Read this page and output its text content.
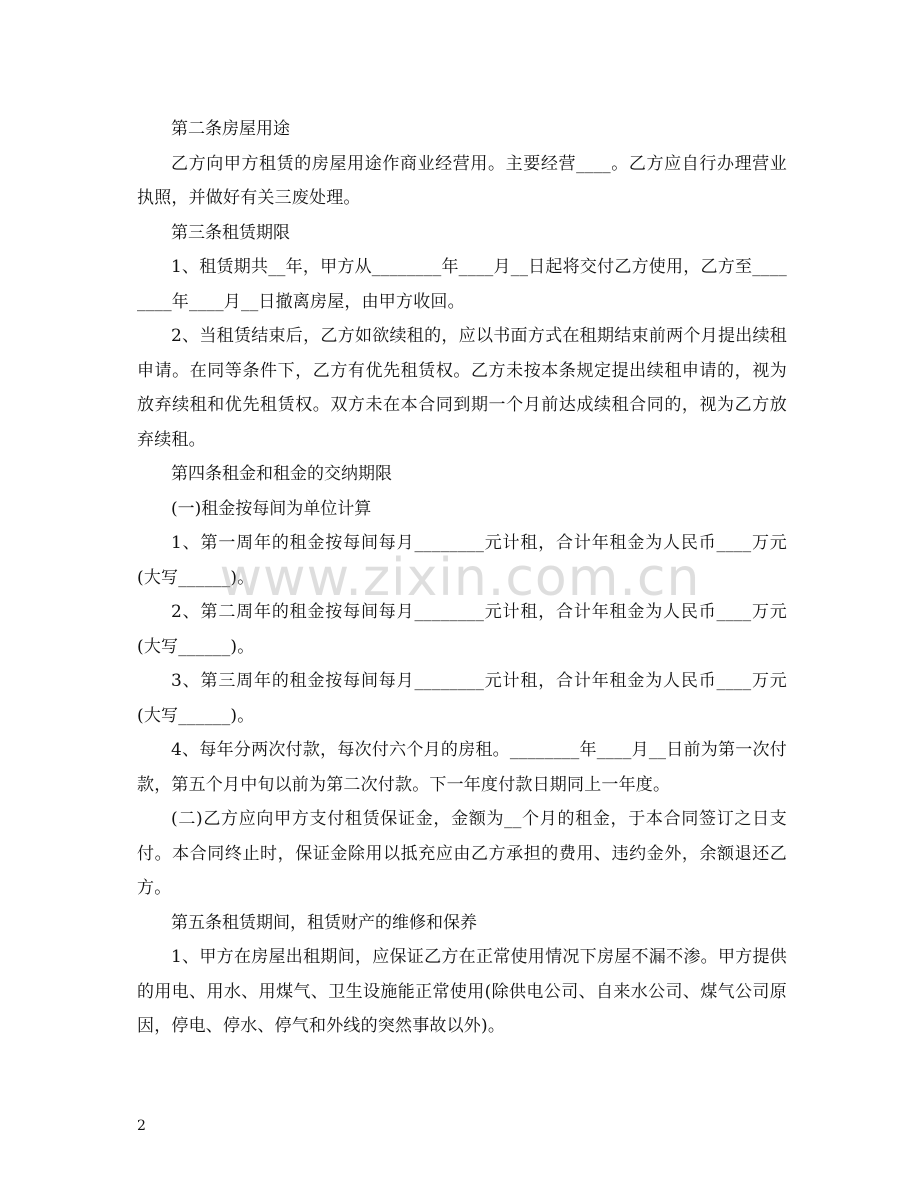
第二条房屋用途

乙方向甲方租赁的房屋用途作商业经营用。主要经营____。乙方应自行办理营业执照，并做好有关三废处理。

第三条租赁期限

1、租赁期共__年，甲方从________年____月__日起将交付乙方使用，乙方至________年____月__日撤离房屋，由甲方收回。

2、当租赁结束后，乙方如欲续租的，应以书面方式在租期结束前两个月提出续租申请。在同等条件下，乙方有优先租赁权。乙方未按本条规定提出续租申请的，视为放弃续租和优先租赁权。双方未在本合同到期一个月前达成续租合同的，视为乙方放弃续租。

第四条租金和租金的交纳期限

(一)租金按每间为单位计算

1、第一周年的租金按每间每月________元计租，合计年租金为人民币____万元(大写______)。

2、第二周年的租金按每间每月________元计租，合计年租金为人民币____万元(大写______)。

3、第三周年的租金按每间每月________元计租，合计年租金为人民币____万元(大写______)。

4、每年分两次付款，每次付六个月的房租。________年____月__日前为第一次付款，第五个月中旬以前为第二次付款。下一年度付款日期同上一年度。

(二)乙方应向甲方支付租赁保证金，金额为__个月的租金，于本合同签订之日支付。本合同终止时，保证金除用以抵充应由乙方承担的费用、违约金外，余额退还乙方。

第五条租赁期间，租赁财产的维修和保养

1、甲方在房屋出租期间，应保证乙方在正常使用情况下房屋不漏不渗。甲方提供的用电、用水、用煤气、卫生设施能正常使用(除供电公司、自来水公司、煤气公司原因，停电、停水、停气和外线的突然事故以外)。

www.zixin.com.cn
2
